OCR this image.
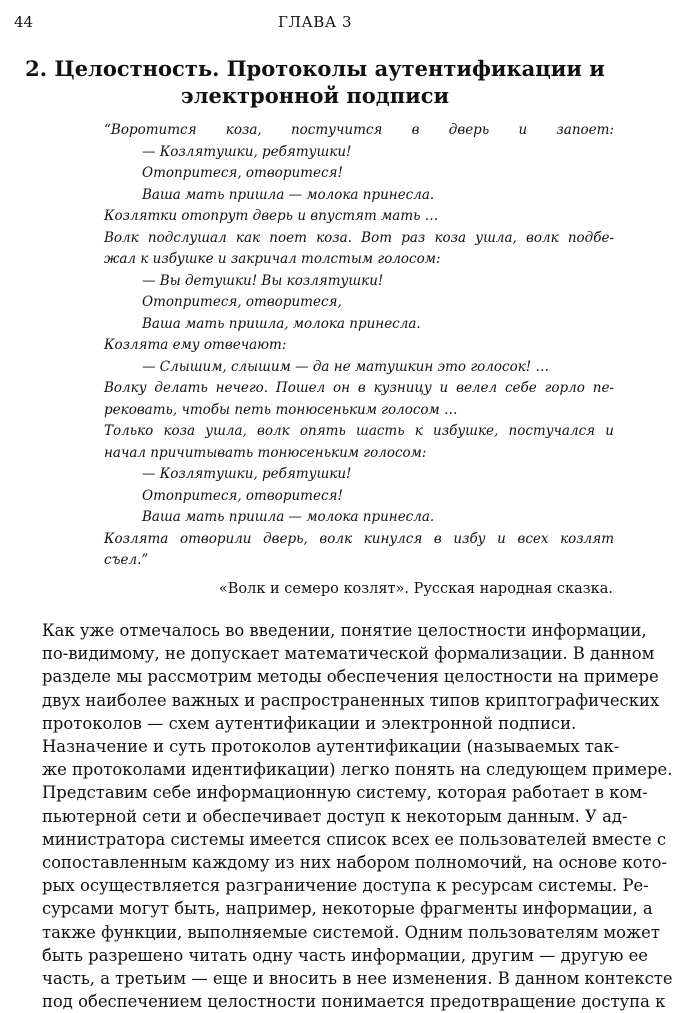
44	ГЛАВА 3
2. Целостность. Протоколы аутентификации и
электронной подписи
“Воротится коза, постучится в дверь и запоет:
— Козлятушки, ребятушки!
Отопритеся, отворитеся!
Ваша мать пришла — молока принесла.
Козлятки отопрут дверь и впустят мать …
Волк подслушал как поет коза. Вот раз коза ушла, волк подбе-
жал к избушке и закричал толстым голосом:
— Вы детушки! Вы козлятушки!
Отопритеся, отворитеся,
Ваша мать пришла, молока принесла.
Козлята ему отвечают:
— Слышим, слышим — да не матушкин это голосок! …
Волку делать нечего. Пошел он в кузницу и велел себе горло пе-
рековать, чтобы петь тонюсеньким голосом …
Только коза ушла, волк опять шасть к избушке, постучался и
начал причитывать тонюсеньким голосом:
— Козлятушки, ребятушки!
Отопритеся, отворитеся!
Ваша мать пришла — молока принесла.
Козлята отворили дверь, волк кинулся в избу и всех козлят
съел.”
«Волк и семеро козлят». Русская народная сказка.
Как уже отмечалось во введении, понятие целостности информации,
по-видимому, не допускает математической формализации. В данном
разделе мы рассмотрим методы обеспечения целостности на примере
двух наиболее важных и распространенных типов криптографических
протоколов — схем аутентификации и электронной подписи.
Назначение и суть протоколов аутентификации (называемых так-
же протоколами идентификации) легко понять на следующем примере.
Представим себе информационную систему, которая работает в ком-
пьютерной сети и обеспечивает доступ к некоторым данным. У ад-
министратора системы имеется список всех ее пользователей вместе с
сопоставленным каждому из них набором полномочий, на основе кото-
рых осуществляется разграничение доступа к ресурсам системы. Ре-
сурсами могут быть, например, некоторые фрагменты информации, а
также функции, выполняемые системой. Одним пользователям может
быть разрешено читать одну часть информации, другим — другую ее
часть, а третьим — еще и вносить в нее изменения. В данном контексте
под обеспечением целостности понимается предотвращение доступа к
